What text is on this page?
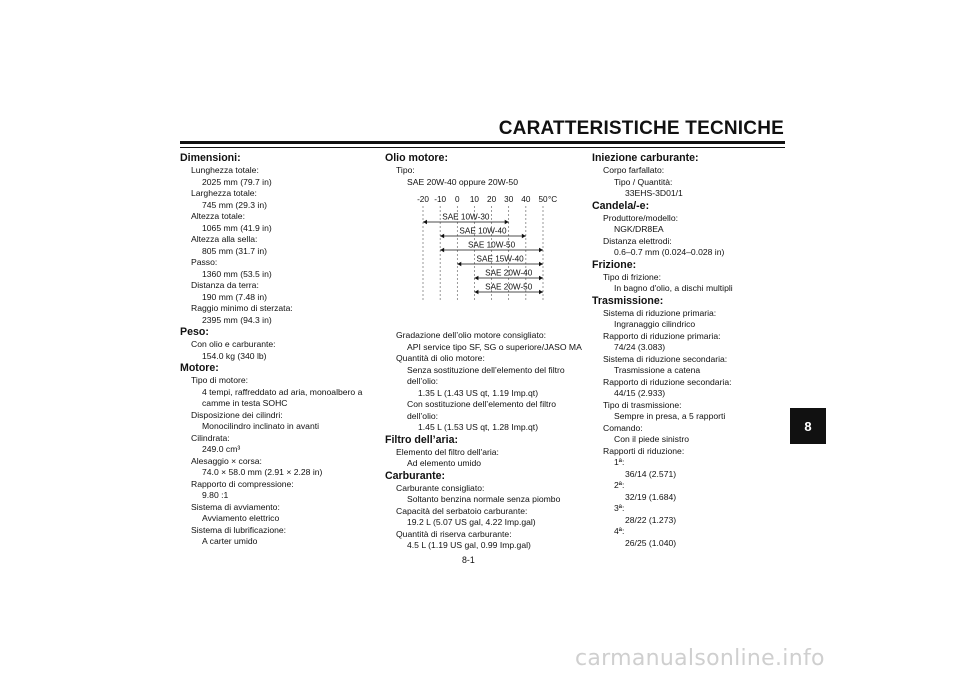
CARATTERISTICHE TECNICHE
Dimensioni:
Lunghezza totale:
2025 mm (79.7 in)
Larghezza totale:
745 mm (29.3 in)
Altezza totale:
1065 mm (41.9 in)
Altezza alla sella:
805 mm (31.7 in)
Passo:
1360 mm (53.5 in)
Distanza da terra:
190 mm (7.48 in)
Raggio minimo di sterzata:
2395 mm (94.3 in)
Peso:
Con olio e carburante:
154.0 kg (340 lb)
Motore:
Tipo di motore:
4 tempi, raffreddato ad aria, monoalbero a camme in testa SOHC
Disposizione dei cilindri:
Monocilindro inclinato in avanti
Cilindrata:
249.0 cm³
Alesaggio × corsa:
74.0 × 58.0 mm (2.91 × 2.28 in)
Rapporto di compressione:
9.80 :1
Sistema di avviamento:
Avviamento elettrico
Sistema di lubrificazione:
A carter umido
Olio motore:
Tipo:
SAE 20W-40 oppure 20W-50
-20 -10 0 10 20 30 40 50 °C
SAE 10W-30
SAE 10W-40
SAE 10W-50
SAE 15W-40
SAE 20W-40
SAE 20W-50
Gradazione dell’olio motore consigliato:
API service tipo SF, SG o superiore/JASO MA
Quantità di olio motore:
Senza sostituzione dell’elemento del filtro dell’olio:
1.35 L (1.43 US qt, 1.19 Imp.qt)
Con sostituzione dell’elemento del filtro dell’olio:
1.45 L (1.53 US qt, 1.28 Imp.qt)
Filtro dell’aria:
Elemento del filtro dell'aria:
Ad elemento umido
Carburante:
Carburante consigliato:
Soltanto benzina normale senza piombo
Capacità del serbatoio carburante:
19.2 L (5.07 US gal, 4.22 Imp.gal)
Quantità di riserva carburante:
4.5 L (1.19 US gal, 0.99 Imp.gal)
Iniezione carburante:
Corpo farfallato:
Tipo / Quantità:
33EHS-3D01/1
Candela/-e:
Produttore/modello:
NGK/DR8EA
Distanza elettrodi:
0.6–0.7 mm (0.024–0.028 in)
Frizione:
Tipo di frizione:
In bagno d'olio, a dischi multipli
Trasmissione:
Sistema di riduzione primaria:
Ingranaggio cilindrico
Rapporto di riduzione primaria:
74/24 (3.083)
Sistema di riduzione secondaria:
Trasmissione a catena
Rapporto di riduzione secondaria:
44/15 (2.933)
Tipo di trasmissione:
Sempre in presa, a 5 rapporti
Comando:
Con il piede sinistro
Rapporti di riduzione:
1ª:
36/14 (2.571)
2ª:
32/19 (1.684)
3ª:
28/22 (1.273)
4ª:
26/25 (1.040)
8
8-1
carmanualsonline.info
